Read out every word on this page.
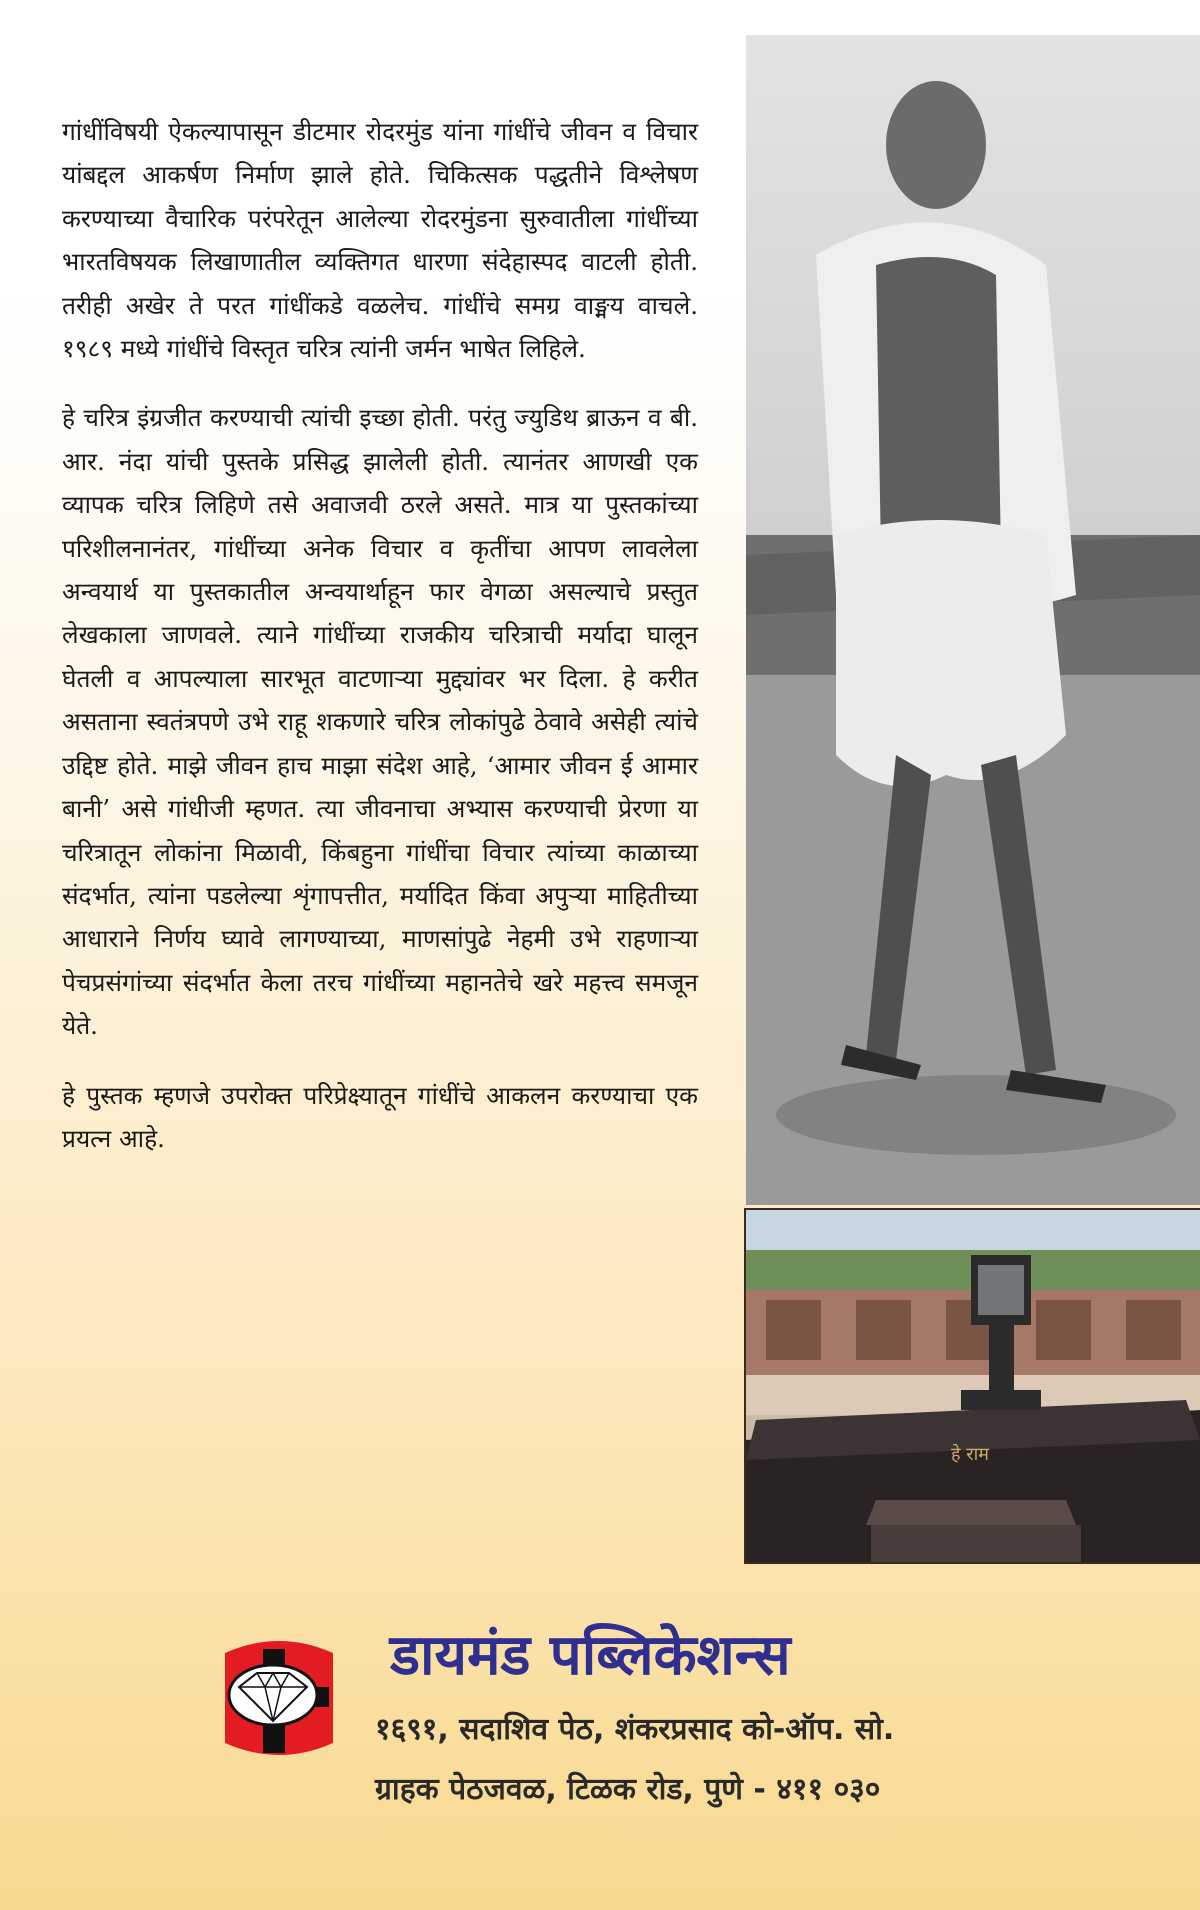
गांधींविषयी ऐकल्यापासून डीटमार रोदरमुंड यांना गांधींचे जीवन व विचार यांबद्दल आकर्षण निर्माण झाले होते. चिकित्सक पद्धतीने विश्लेषण करण्याच्या वैचारिक परंपरेतून आलेल्या रोदरमुंडना सुरुवातीला गांधींच्या भारतविषयक लिखाणातील व्यक्तिगत धारणा संदेहास्पद वाटली होती. तरीही अखेर ते परत गांधींकडे वळलेच. गांधींचे समग्र वाङ्मय वाचले. १९८९ मध्ये गांधींचे विस्तृत चरित्र त्यांनी जर्मन भाषेत लिहिले.

हे चरित्र इंग्रजीत करण्याची त्यांची इच्छा होती. परंतु ज्युडिथ ब्राऊन व बी. आर. नंदा यांची पुस्तके प्रसिद्ध झालेली होती. त्यानंतर आणखी एक व्यापक चरित्र लिहिणे तसे अवाजवी ठरले असते. मात्र या पुस्तकांच्या परिशीलनानंतर, गांधींच्या अनेक विचार व कृतींचा आपण लावलेला अन्वयार्थ या पुस्तकातील अन्वयार्थाहून फार वेगळा असल्याचे प्रस्तुत लेखकाला जाणवले. त्याने गांधींच्या राजकीय चरित्राची मर्यादा घालून घेतली व आपल्याला सारभूत वाटणाऱ्या मुद्द्यांवर भर दिला. हे करीत असताना स्वतंत्रपणे उभे राहू शकणारे चरित्र लोकांपुढे ठेवावे असेही त्यांचे उद्दिष्ट होते. माझे जीवन हाच माझा संदेश आहे, ‘आमार जीवन ई आमार बानी’ असे गांधीजी म्हणत. त्या जीवनाचा अभ्यास करण्याची प्रेरणा या चरित्रातून लोकांना मिळावी, किंबहुना गांधींचा विचार त्यांच्या काळाच्या संदर्भात, त्यांना पडलेल्या शृंगापत्तीत, मर्यादित किंवा अपुऱ्या माहितीच्या आधाराने निर्णय घ्यावे लागण्याच्या, माणसांपुढे नेहमी उभे राहणाऱ्या पेचप्रसंगांच्या संदर्भात केला तरच गांधींच्या महानतेचे खरे महत्त्व समजून येते.

हे पुस्तक म्हणजे उपरोक्त परिप्रेक्ष्यातून गांधींचे आकलन करण्याचा एक प्रयत्न आहे.

हे राम
डायमंड पब्लिकेशन्स

१६९१, सदाशिव पेठ, शंकरप्रसाद को-ऑप. सो.

ग्राहक पेठजवळ, टिळक रोड, पुणे - ४११ ०३०
